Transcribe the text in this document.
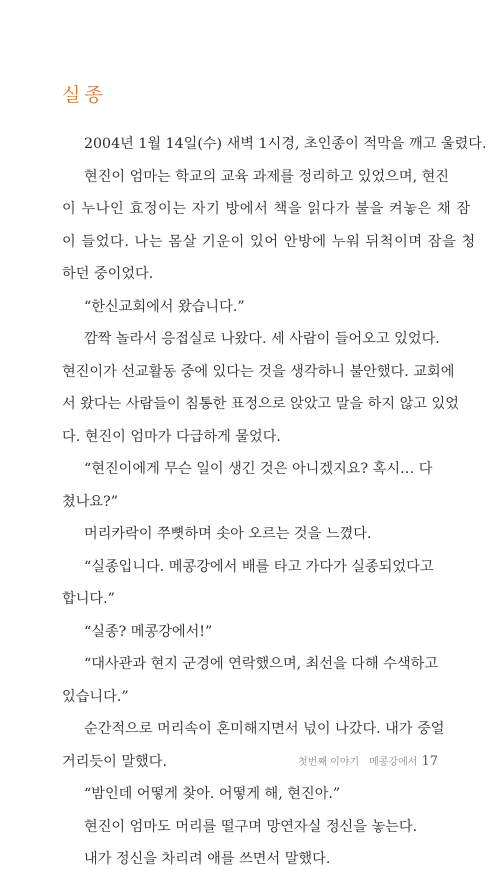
실종
2004년 1월 14일(수) 새벽 1시경, 초인종이 적막을 깨고 울렸다.
현진이 엄마는 학교의 교육 과제를 정리하고 있었으며, 현진
이 누나인 효정이는 자기 방에서 책을 읽다가 불을 켜놓은 채 잠
이 들었다. 나는 몸살 기운이 있어 안방에 누워 뒤척이며 잠을 청
하던 중이었다.
“한신교회에서 왔습니다.”
깜짝 놀라서 응접실로 나왔다. 세 사람이 들어오고 있었다.
현진이가 선교활동 중에 있다는 것을 생각하니 불안했다. 교회에
서 왔다는 사람들이 침통한 표정으로 앉았고 말을 하지 않고 있었
다. 현진이 엄마가 다급하게 물었다.
“현진이에게 무슨 일이 생긴 것은 아니겠지요? 혹시… 다
쳤나요?”
머리카락이 쭈뼛하며 솟아 오르는 것을 느꼈다.
“실종입니다. 메콩강에서 배를 타고 가다가 실종되었다고
합니다.”
“실종? 메콩강에서!”
“대사관과 현지 군경에 연락했으며, 최선을 다해 수색하고
있습니다.”
순간적으로 머리속이 혼미해지면서 넋이 나갔다. 내가 중얼
거리듯이 말했다.
“밤인데 어떻게 찾아. 어떻게 해, 현진아.”
현진이 엄마도 머리를 떨구며 망연자실 정신을 놓는다.
내가 정신을 차리려 애를 쓰면서 말했다.
첫번째 이야기 메콩강에서 17
